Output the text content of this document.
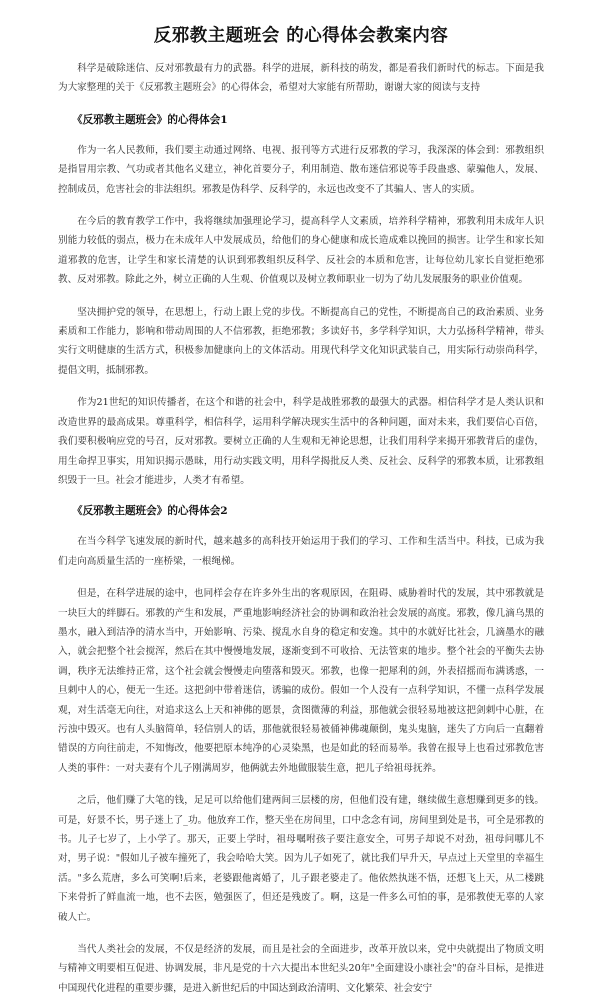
反邪教主题班会 的心得体会教案内容

科学是破除迷信、反对邪教最有力的武器。科学的进展，新科技的萌发，都是看我们新时代的标志。下面是我为大家整理的关于《反邪教主题班会》的心得体会，希望对大家能有所帮助，谢谢大家的阅读与支持

《反邪教主题班会》的心得体会1

作为一名人民教师，我们要主动通过网络、电视、报刊等方式进行反邪教的学习，我深深的体会到：邪教组织是指冒用宗教、气功或者其他名义建立，神化首要分子，利用制造、散布迷信邪说等手段蛊惑、蒙骗他人，发展、控制成员，危害社会的非法组织。邪教是伪科学、反科学的，永远也改变不了其骗人、害人的实质。

在今后的教育教学工作中，我将继续加强理论学习，提高科学人文素质，培养科学精神，邪教利用未成年人识别能力较低的弱点，极力在未成年人中发展成员，给他们的身心健康和成长造成难以挽回的损害。让学生和家长知道邪教的危害，让学生和家长清楚的认识到邪教组织反科学、反社会的本质和危害，让每位幼儿家长自觉拒绝邪教、反对邪教。除此之外，树立正确的人生观、价值观以及树立教师职业一切为了幼儿发展服务的职业价值观。

坚决拥护党的领导，在思想上，行动上跟上党的步伐。不断提高自己的党性，不断提高自己的政治素质、业务素质和工作能力，影响和带动周围的人不信邪教，拒绝邪教；多读好书，多学科学知识，大力弘扬科学精神，带头实行文明健康的生活方式，积极参加健康向上的文体活动。用现代科学文化知识武装自己，用实际行动崇尚科学，提倡文明，抵制邪教。

作为21世纪的知识传播者，在这个和谐的社会中，科学是战胜邪教的最强大的武器。相信科学才是人类认识和改造世界的最高成果。尊重科学，相信科学，运用科学解决现实生活中的各种问题，面对未来，我们要信心百倍，我们要积极响应党的号召，反对邪教。要树立正确的人生观和无神论思想，让我们用科学来揭开邪教背后的虚伪，用生命捍卫事实，用知识揭示愚昧，用行动实践文明，用科学揭批反人类、反社会、反科学的邪教本质，让邪教组织毁于一旦。社会才能进步，人类才有希望。

《反邪教主题班会》的心得体会2

在当今科学飞速发展的新时代，越来越多的高科技开始运用于我们的学习、工作和生活当中。科技，已成为我们走向高质量生活的一座桥梁，一根绳梯。

但是，在科学进展的途中，也同样会存在许多外生出的客观原因，在阻碍、威胁着时代的发展，其中邪教就是一块巨大的绊脚石。邪教的产生和发展，严重地影响经济社会的协调和政治社会发展的高度。邪教，像几滴乌黑的墨水，融入到洁净的清水当中，开始影响、污染、搅乱水自身的稳定和安逸。其中的水就好比社会，几滴墨水的融入，就会把整个社会搅浑，然后在其中慢慢地发展，逐渐变到不可收拾、无法管束的地步。整个社会的平衡失去协调，秩序无法维持正常，这个社会就会慢慢走向堕落和毁灭。邪教，也像一把犀利的剑，外表招摇而布满诱惑，一旦刺中人的心，便无一生还。这把剑中带着迷信，诱骗的成份。假如一个人没有一点科学知识，不懂一点科学发展观，对生活毫无向往，对追求这么上天和神佛的愿景，贪图微薄的利益，那他就会很轻易地被这把剑刺中心脏，在污浊中毁灭。也有人头脑简单，轻信别人的话，那他就很轻易被俑神佛魂颠倒，鬼头鬼脑，迷失了方向后一直翻着错误的方向往前走，不知悔改，他要把原本纯净的心灵染黑，也是如此的轻而易举。我曾在报导上也看过邪教危害人类的事件：一对夫妻有个儿子刚满周岁，他俩就去外地做服装生意，把儿子给祖母抚养。

之后，他们赚了大笔的钱，足足可以给他们建两间三层楼的房，但他们没有建，继续做生意想赚到更多的钱。可是，好景不长，男子迷上了_功。他放弃工作，整天坐在房间里，口中念念有词，房间里到处是书，可全是邪教的书。儿子七岁了，上小学了。那天，正要上学时，祖母嘱咐孩子要注意安全，可男子却说不对劲，祖母问哪儿不对，男子说："假如儿子被车撞死了，我会哈哈大笑。因为儿子如死了，就比我们早升天，早点过上天堂里的幸福生活。"多么荒唐，多么可笑啊!后来，老婆跟他离婚了，儿子跟老婆走了。他依然执迷不悟，还想飞上天，从二楼跳下来骨折了鲜血流一地，也不去医，勉强医了，但还是残废了。啊，这是一件多么可怕的事，是邪教使无辜的人家破人亡。

当代人类社会的发展，不仅是经济的发展，而且是社会的全面进步，改革开放以来，党中央就提出了物质文明与精神文明要相互促进、协调发展，非凡是党的十六大提出本世纪头20年"全面建设小康社会"的奋斗目标，是推进中国现代化进程的重要步骤，是进入新世纪后的中国达到政治清明、文化繁荣、社会安宁
